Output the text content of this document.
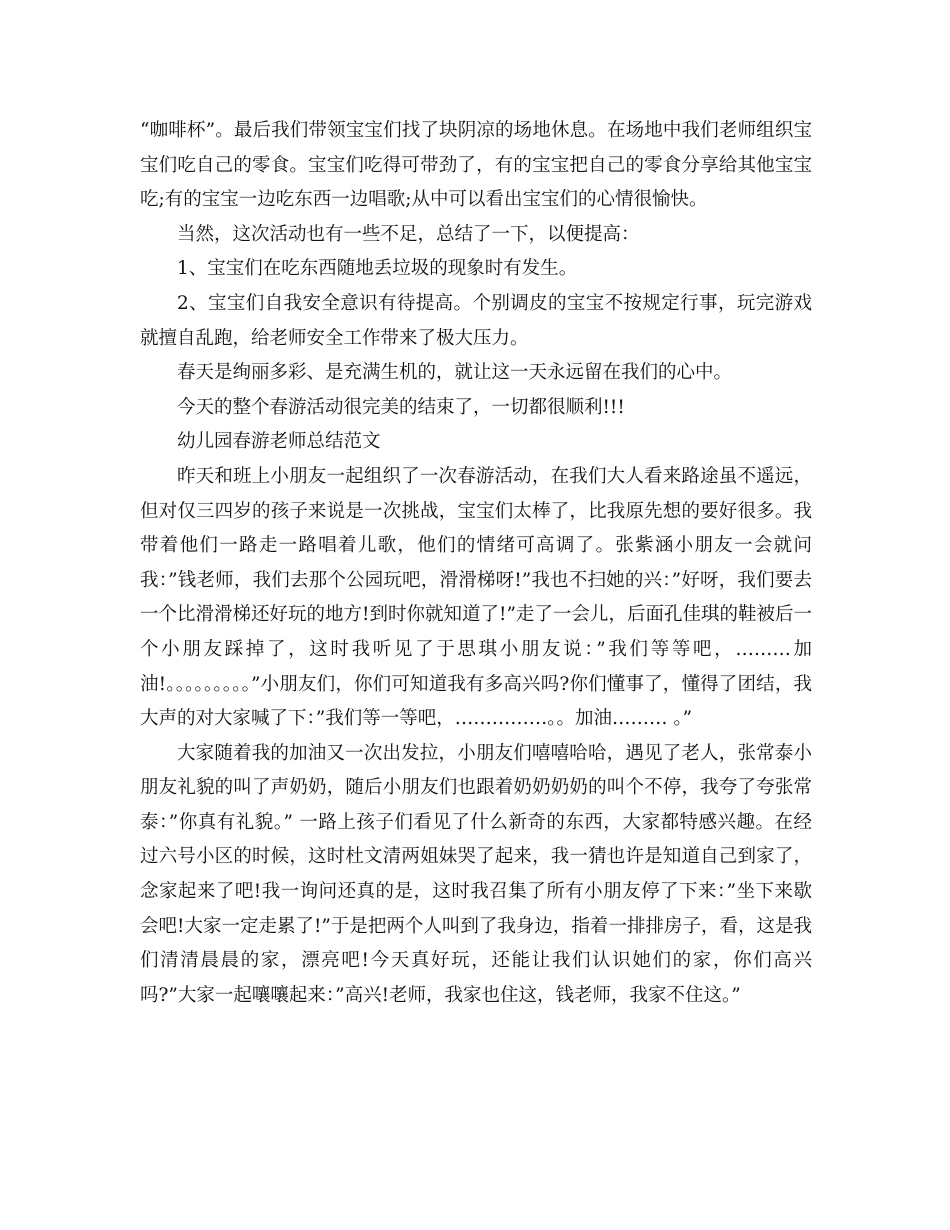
“咖啡杯”。最后我们带领宝宝们找了块阴凉的场地休息。在场地中我们老师组织宝宝们吃自己的零食。宝宝们吃得可带劲了，有的宝宝把自己的零食分享给其他宝宝吃;有的宝宝一边吃东西一边唱歌;从中可以看出宝宝们的心情很愉快。

当然，这次活动也有一些不足，总结了一下，以便提高：

1、宝宝们在吃东西随地丢垃圾的现象时有发生。

2、宝宝们自我安全意识有待提高。个别调皮的宝宝不按规定行事，玩完游戏就擅自乱跑，给老师安全工作带来了极大压力。

春天是绚丽多彩、是充满生机的，就让这一天永远留在我们的心中。

今天的整个春游活动很完美的结束了，一切都很顺利!!!

幼儿园春游老师总结范文

昨天和班上小朋友一起组织了一次春游活动，在我们大人看来路途虽不遥远，但对仅三四岁的孩子来说是一次挑战，宝宝们太棒了，比我原先想的要好很多。我带着他们一路走一路唱着儿歌，他们的情绪可高调了。张紫涵小朋友一会就问我：”钱老师，我们去那个公园玩吧，滑滑梯呀!”我也不扫她的兴：”好呀，我们要去一个比滑滑梯还好玩的地方!到时你就知道了!”走了一会儿，后面孔佳琪的鞋被后一个小朋友踩掉了，这时我听见了于思琪小朋友说：”我们等等吧，………加油!。。。。。。。。。”小朋友们，你们可知道我有多高兴吗?你们懂事了，懂得了团结，我大声的对大家喊了下：”我们等一等吧，……………。。加油……… 。”

大家随着我的加油又一次出发拉，小朋友们嘻嘻哈哈，遇见了老人，张常泰小朋友礼貌的叫了声奶奶，随后小朋友们也跟着奶奶奶奶的叫个不停，我夸了夸张常泰：”你真有礼貌。” 一路上孩子们看见了什么新奇的东西，大家都特感兴趣。在经过六号小区的时候，这时杜文清两姐妹哭了起来，我一猜也许是知道自己到家了，念家起来了吧!我一询问还真的是，这时我召集了所有小朋友停了下来：”坐下来歇会吧!大家一定走累了!”于是把两个人叫到了我身边，指着一排排房子，看，这是我们清清晨晨的家，漂亮吧!今天真好玩，还能让我们认识她们的家，你们高兴吗?”大家一起嚷嚷起来：”高兴!老师，我家也住这，钱老师，我家不住这。”
